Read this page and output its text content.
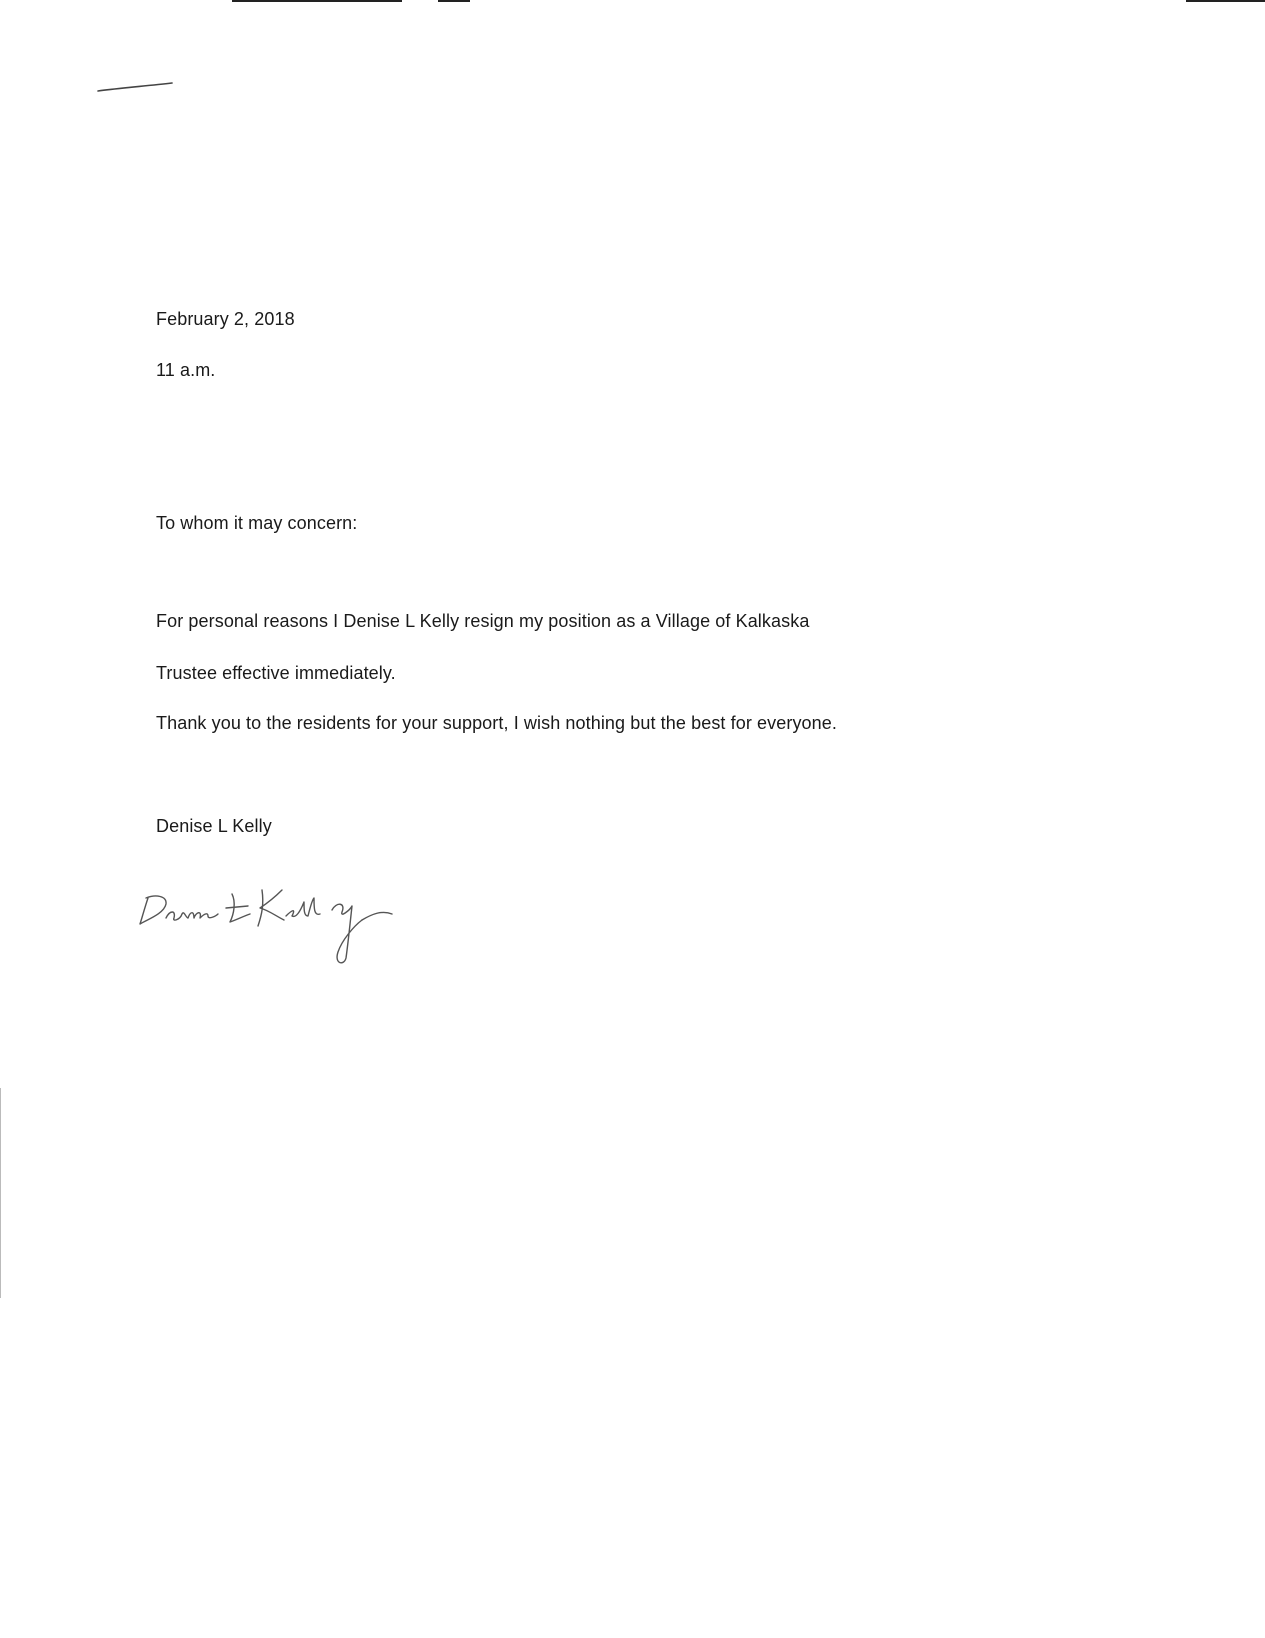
February 2, 2018
11 a.m.
To whom it may concern:
For personal reasons I Denise L Kelly resign my position as a Village of Kalkaska
Trustee effective immediately.
Thank you to the residents for your support, I wish nothing but the best for everyone.
Denise L Kelly
